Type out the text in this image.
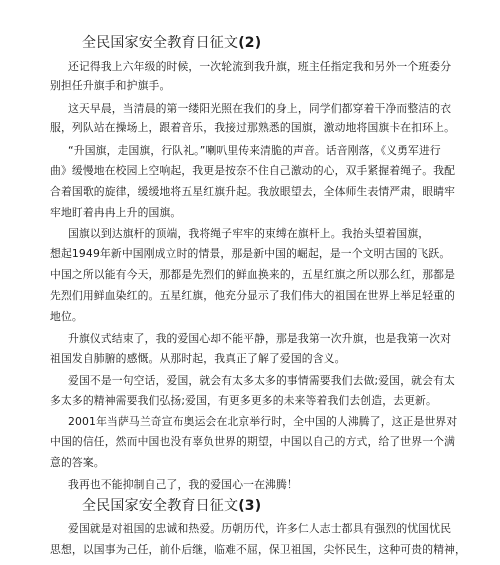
全民国家安全教育日征文(2)
还记得我上六年级的时候，一次轮流到我升旗，班主任指定我和另外一个班委分
别担任升旗手和护旗手。
这天早晨，当清晨的第一缕阳光照在我们的身上，同学们都穿着干净而整洁的衣
服，列队站在操场上，跟着音乐，我接过那熟悉的国旗，激动地将国旗卡在扣环上。
“升国旗，走国旗，行队礼。”喇叭里传来清脆的声音。话音刚落，《义勇军进行
曲》缓慢地在校园上空响起，我更是按奈不住自己激动的心，双手紧握着绳子。我配
合着国歌的旋律，缓缓地将五星红旗升起。我放眼望去，全体师生表情严肃，眼睛牢
牢地盯着冉冉上升的国旗。
国旗以到达旗杆的顶端，我将绳子牢牢的束缚在旗杆上。我抬头望着国旗，
想起1949年新中国刚成立时的情景，那是新中国的崛起，是一个文明古国的飞跃。
中国之所以能有今天，那都是先烈们的鲜血换来的，五星红旗之所以那么红，那都是
先烈们用鲜血染红的。五星红旗，他充分显示了我们伟大的祖国在世界上举足轻重的
地位。
升旗仪式结束了，我的爱国心却不能平静，那是我第一次升旗，也是我第一次对
祖国发自肺腑的感慨。从那时起，我真正了解了爱国的含义。
爱国不是一句空话，爱国，就会有太多太多的事情需要我们去做;爱国，就会有太
多太多的精神需要我们弘扬;爱国，有更多更多的未来等着我们去创造，去更新。
2001年当萨马兰奇宣布奥运会在北京举行时，全中国的人沸腾了，这正是世界对
中国的信任，然而中国也没有辜负世界的期望，中国以自己的方式，给了世界一个满
意的答案。
我再也不能抑制自己了，我的爱国心一在沸腾！
全民国家安全教育日征文(3)
爱国就是对祖国的忠诚和热爱。历朝历代，许多仁人志士都具有强烈的忧国忧民
思想，以国事为己任，前仆后继，临难不屈，保卫祖国，尖怀民生，这种可贵的精神，
